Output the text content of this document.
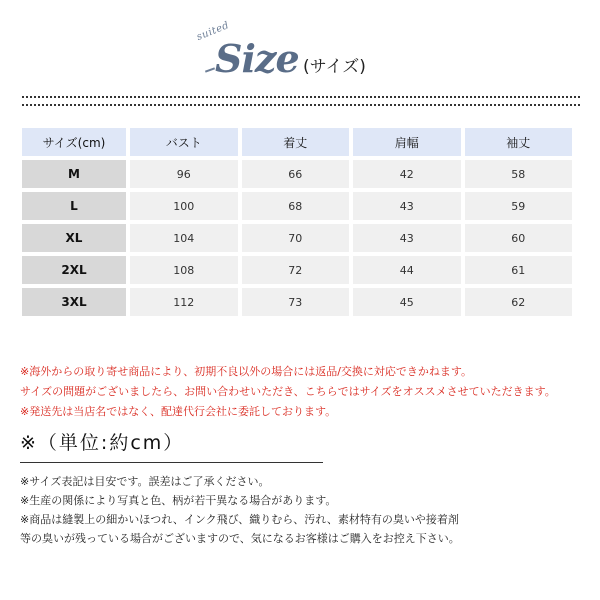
suited
Size (サイズ)
サイズ(cm)	バスト	着丈	肩幅	袖丈
M	96	66	42	58
L	100	68	43	59
XL	104	70	43	60
2XL	108	72	44	61
3XL	112	73	45	62
※海外からの取り寄せ商品により、初期不良以外の場合には返品/交換に対応できかねます。
サイズの問題がございましたら、お問い合わせいただき、こちらではサイズをオススメさせていただきます。
※発送先は当店名ではなく、配達代行会社に委託しております。
※（単位:約cm）
※サイズ表記は目安です。誤差はご了承ください。
※生産の関係により写真と色、柄が若干異なる場合があります。
※商品は縫製上の細かいほつれ、インク飛び、織りむら、汚れ、素材特有の臭いや接着剤
等の臭いが残っている場合がございますので、気になるお客様はご購入をお控え下さい。
